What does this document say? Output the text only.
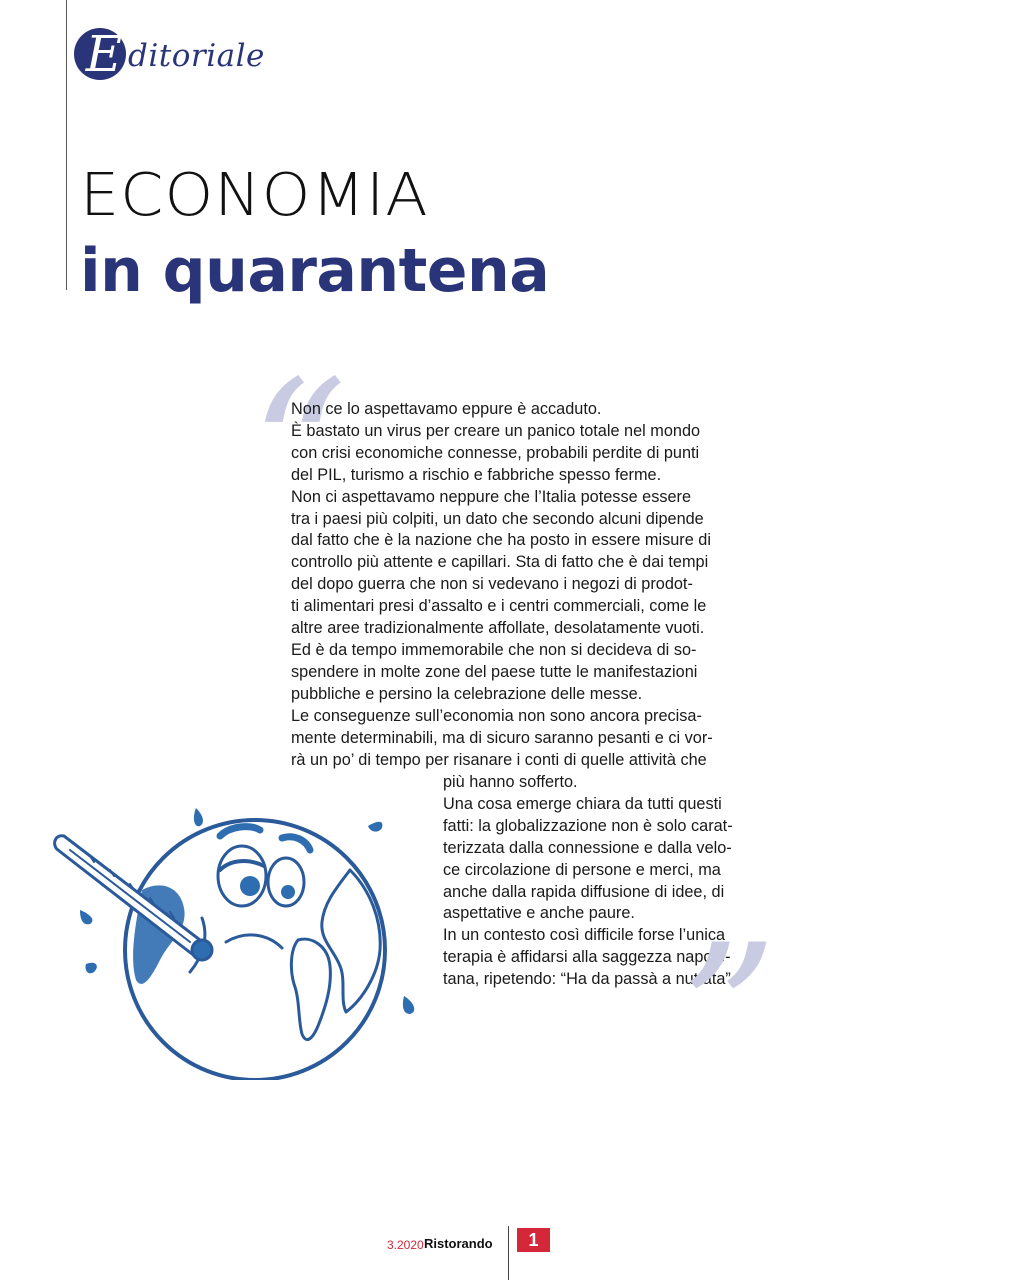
E ditoriale
ECONOMIA
in quarantena
“
Non ce lo aspettavamo eppure è accaduto.
È bastato un virus per creare un panico totale nel mondo
con crisi economiche connesse, probabili perdite di punti
del PIL, turismo a rischio e fabbriche spesso ferme.
Non ci aspettavamo neppure che l’Italia potesse essere
tra i paesi più colpiti, un dato che secondo alcuni dipende
dal fatto che è la nazione che ha posto in essere misure di
controllo più attente e capillari. Sta di fatto che è dai tempi
del dopo guerra che non si vedevano i negozi di prodot-
ti alimentari presi d’assalto e i centri commerciali, come le
altre aree tradizionalmente affollate, desolatamente vuoti.
Ed è da tempo immemorabile che non si decideva di so-
spendere in molte zone del paese tutte le manifestazioni
pubbliche e persino la celebrazione delle messe.
Le conseguenze sull’economia non sono ancora precisa-
mente determinabili, ma di sicuro saranno pesanti e ci vor-
rà un po’ di tempo per risanare i conti di quelle attività che
più hanno sofferto.
Una cosa emerge chiara da tutti questi
fatti: la globalizzazione non è solo carat-
terizzata dalla connessione e dalla velo-
ce circolazione di persone e merci, ma
anche dalla rapida diffusione di idee, di
aspettative e anche paure.
In un contesto così difficile forse l’unica
terapia è affidarsi alla saggezza napole-
tana, ripetendo: “Ha da passà a nuttata”.
”
3.2020 Ristorando	1
